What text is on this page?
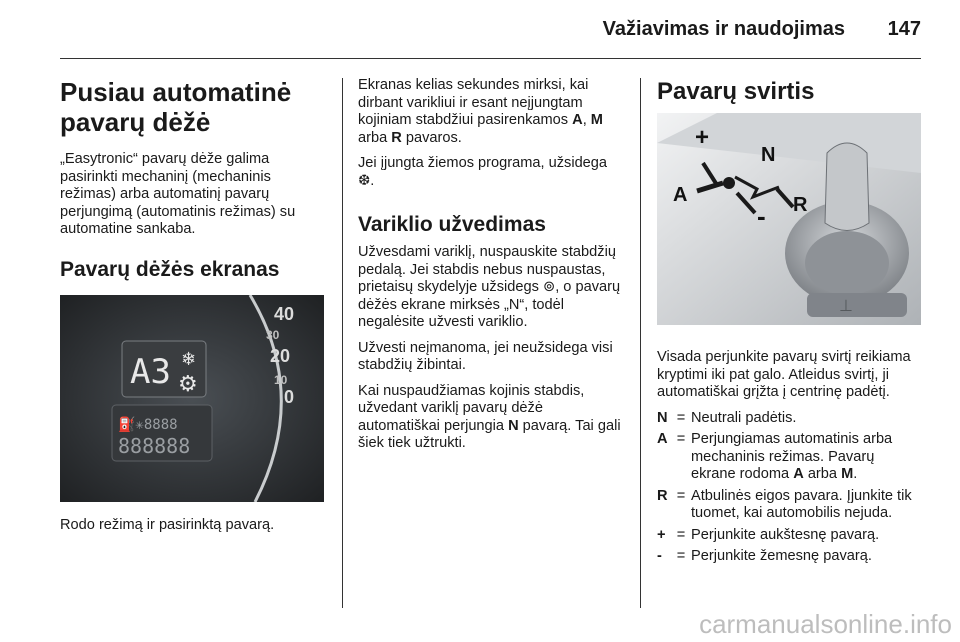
Važiavimas ir naudojimas 147
Pusiau automatinė pavarų dėžė

„Easytronic“ pavarų dėže galima pasirinkti mechaninį (mechaninis režimas) arba automatinį pavarų perjungimą (automatinis režimas) su automatine sankaba.

Pavarų dėžės ekranas
A3 ❄
⚙
40
30
20
10
0
⛽✳8888
888888

Rodo režimą ir pasirinktą pavarą.

Ekranas kelias sekundes mirksi, kai dirbant varikliui ir esant neįjungtam kojiniam stabdžiui pasirenkamos A, M arba R pavaros.

Jei įjungta žiemos programa, užsidega ❆.

Variklio užvedimas

Užvesdami variklį, nuspauskite stabdžių pedalą. Jei stabdis nebus nuspaustas, prietaisų skydelyje užsidegs ⊚, o pavarų dėžės ekrane mirksės „N“, todėl negalėsite užvesti variklio.

Užvesti neįmanoma, jei neužsidega visi stabdžių žibintai.

Kai nuspaudžiamas kojinis stabdis, užvedant variklį pavarų dėžė automatiškai perjungia N pavarą. Tai gali šiek tiek užtrukti.

Pavarų svirtis
⊥
+
N
A
- R

Visada perjunkite pavarų svirtį reikiama kryptimi iki pat galo. Atleidus svirtį, ji automatiškai grįžta į centrinę padėtį.

N = Neutrali padėtis.
A = Perjungiamas automatinis arba mechaninis režimas. Pavarų ekrane rodoma A arba M.
R = Atbulinės eigos pavara. Įjunkite tik tuomet, kai automobilis nejuda.
+ = Perjunkite aukštesnę pavarą.
-	= Perjunkite žemesnę pavarą.
carmanualsonline.info
